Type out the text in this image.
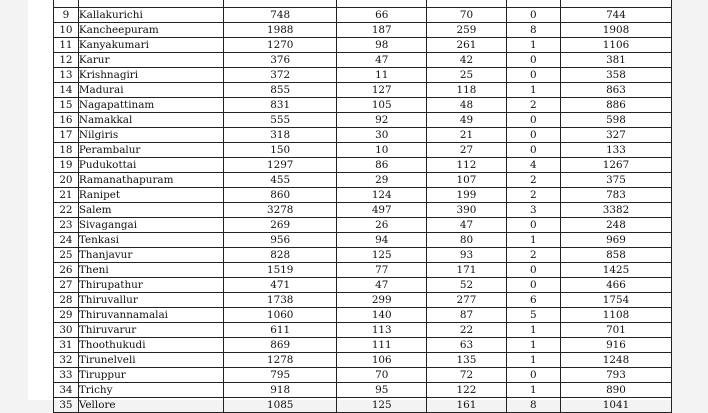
9	Kallakurichi	748	66	70	0	744
10	Kancheepuram	1988	187	259	8	1908
11	Kanyakumari	1270	98	261	1	1106
12	Karur	376	47	42	0	381
13	Krishnagiri	372	11	25	0	358
14	Madurai	855	127	118	1	863
15	Nagapattinam	831	105	48	2	886
16	Namakkal	555	92	49	0	598
17	Nilgiris	318	30	21	0	327
18	Perambalur	150	10	27	0	133
19	Pudukottai	1297	86	112	4	1267
20	Ramanathapuram	455	29	107	2	375
21	Ranipet	860	124	199	2	783
22	Salem	3278	497	390	3	3382
23	Sivagangai	269	26	47	0	248
24	Tenkasi	956	94	80	1	969
25	Thanjavur	828	125	93	2	858
26	Theni	1519	77	171	0	1425
27	Thirupathur	471	47	52	0	466
28	Thiruvallur	1738	299	277	6	1754
29	Thiruvannamalai	1060	140	87	5	1108
30	Thiruvarur	611	113	22	1	701
31	Thoothukudi	869	111	63	1	916
32	Tirunelveli	1278	106	135	1	1248
33	Tiruppur	795	70	72	0	793
34	Trichy	918	95	122	1	890
35	Vellore	1085	125	161	8	1041
